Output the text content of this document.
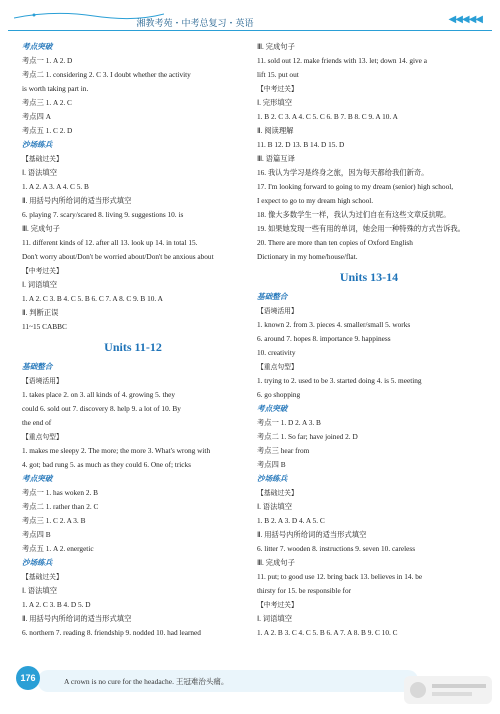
湘教考苑・中考总复习・英语	◀◀◀◀◀
考点突破
考点一 1. A 2. D
考点二 1. considering 2. C 3. I doubt whether the activity
is worth taking part in.
考点三 1. A 2. C
考点四 A
考点五 1. C 2. D
沙场练兵
【基础过关】
Ⅰ. 语法填空
1. A 2. A 3. A 4. C 5. B
Ⅱ. 用括号内所给词的适当形式填空
6. playing 7. scary/scared 8. living 9. suggestions 10. is
Ⅲ. 完成句子
11. different kinds of 12. after all 13. look up 14. in total 15.
Don't worry about/Don't be worried about/Don't be anxious about
【中考过关】
Ⅰ. 词语填空
1. A 2. C 3. B 4. C 5. B 6. C 7. A 8. C 9. B 10. A
Ⅱ. 判断正误
11~15 CABBC
Units 11-12
基础整合
【语境活用】
1. takes place 2. on 3. all kinds of 4. growing 5. they
could 6. sold out 7. discovery 8. help 9. a lot of 10. By
the end of
【重点句型】
1. makes me sleepy 2. The more; the more 3. What's wrong with
4. got; bad rung 5. as much as they could 6. One of; tricks
考点突破
考点一 1. has woken 2. B
考点二 1. rather than 2. C
考点三 1. C 2. A 3. B
考点四 B
考点五 1. A 2. energetic
沙场练兵
【基础过关】
Ⅰ. 语法填空
1. A 2. C 3. B 4. D 5. D
Ⅱ. 用括号内所给词的适当形式填空
6. northern 7. reading 8. friendship 9. nodded 10. had learned
Ⅲ. 完成句子
11. sold out 12. make friends with 13. let; down 14. give a
lift 15. put out
【中考过关】
Ⅰ. 完形填空
1. B 2. C 3. A 4. C 5. C 6. B 7. B 8. C 9. A 10. A
Ⅱ. 阅读理解
11. B 12. D 13. B 14. D 15. D
Ⅲ. 语篇互译
16. 我认为学习是终身之旅，因为每天都给我们新奇。
17. I'm looking forward to going to my dream (senior) high school,
I expect to go to my dream high school.
18. 像大多数学生一样，我认为过们自在有这些文章反抗呢。
19. 如果她发现一些有用的单词，她会用一种特殊的方式告诉我。
20. There are more than ten copies of Oxford English
Dictionary in my home/house/flat.
Units 13-14
基础整合
【语境活用】
1. known 2. from 3. pieces 4. smaller/small 5. works
6. around 7. hopes 8. importance 9. happiness
10. creativity
【重点句型】
1. trying to 2. used to be 3. started doing 4. is 5. meeting
6. go shopping
考点突破
考点一 1. D 2. A 3. B
考点二 1. So far; have joined 2. D
考点三 hear from
考点四 B
沙场练兵
【基础过关】
Ⅰ. 语法填空
1. B 2. A 3. D 4. A 5. C
Ⅱ. 用括号内所给词的适当形式填空
6. litter 7. wooden 8. instructions 9. seven 10. careless
Ⅲ. 完成句子
11. put; to good use 12. bring back 13. believes in 14. be
thirsty for 15. be responsible for
【中考过关】
Ⅰ. 词语填空
1. A 2. B 3. C 4. C 5. B 6. A 7. A 8. B 9. C 10. C
176	A crown is no cure for the headache. 王冠难治头痛。
